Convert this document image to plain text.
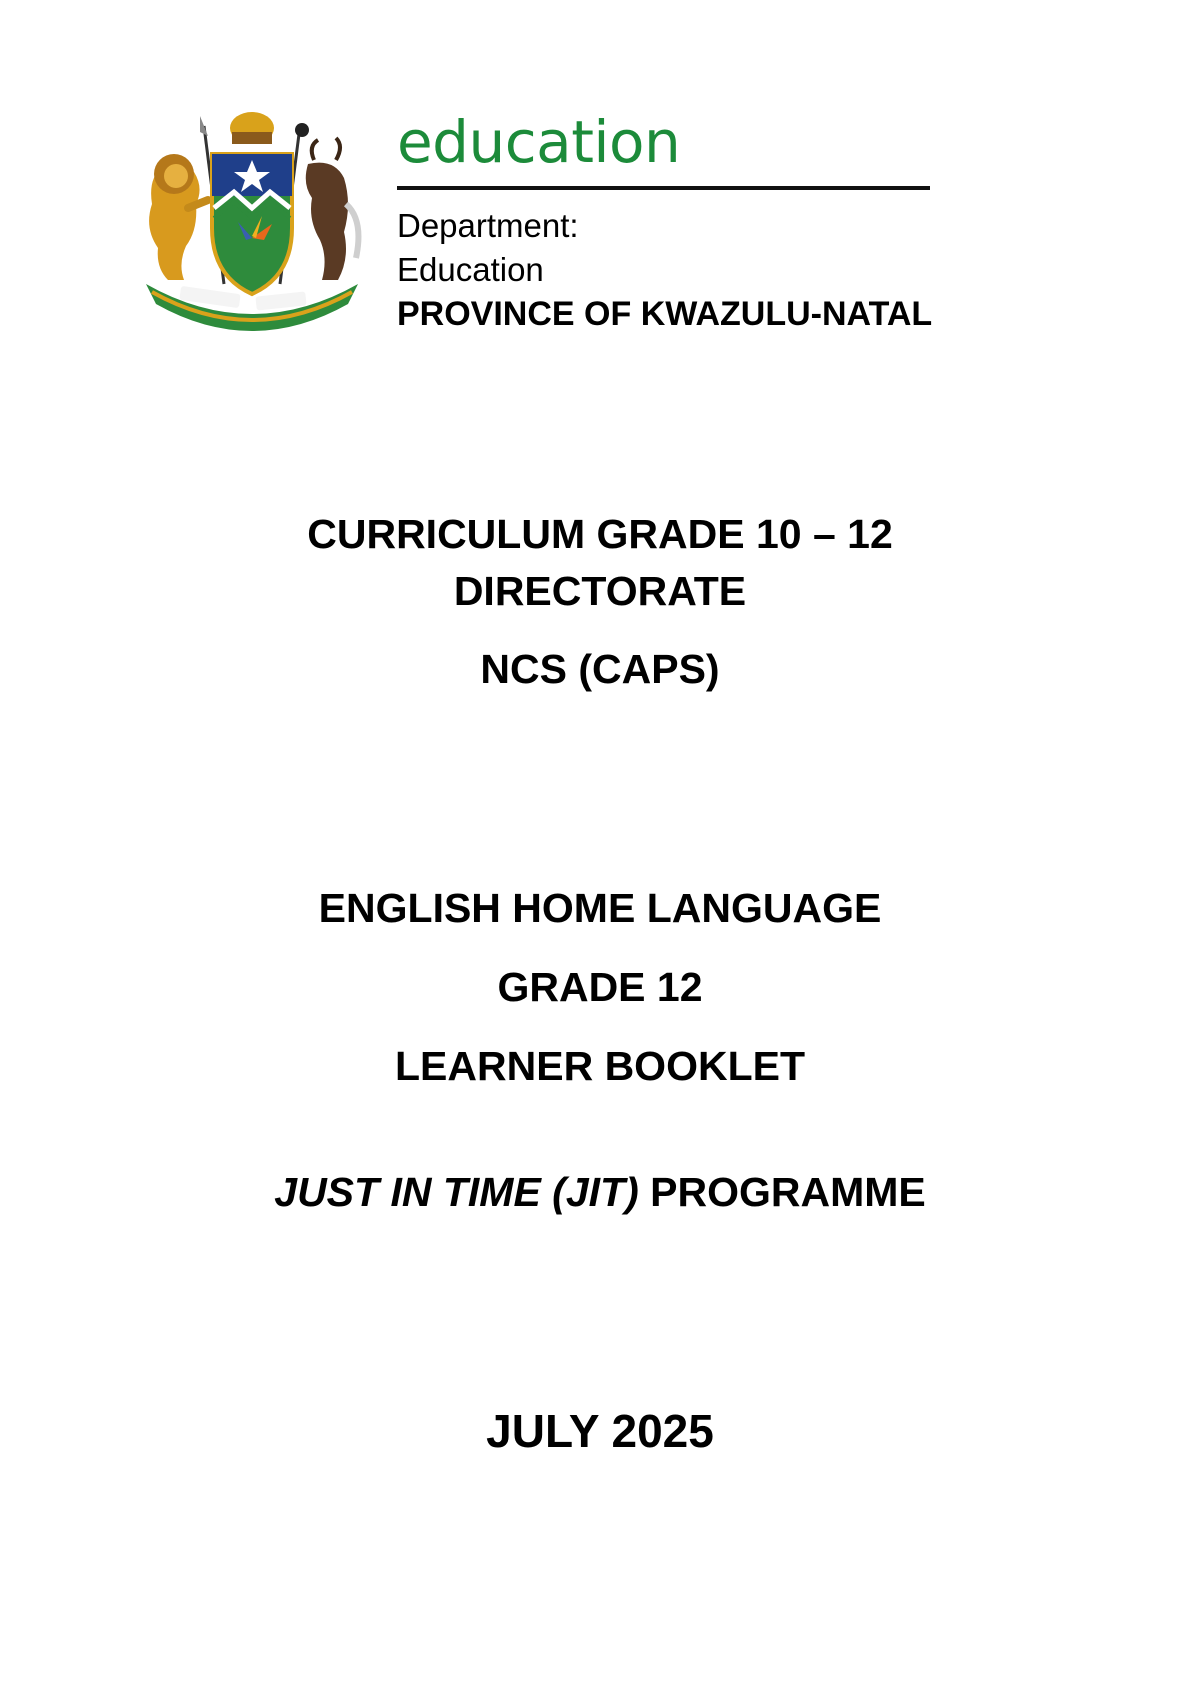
education

Department:

Education

PROVINCE OF KWAZULU-NATAL

CURRICULUM GRADE 10 – 12

DIRECTORATE

NCS (CAPS)

ENGLISH HOME LANGUAGE

GRADE 12

LEARNER BOOKLET

JUST IN TIME (JIT) PROGRAMME

JULY 2025
